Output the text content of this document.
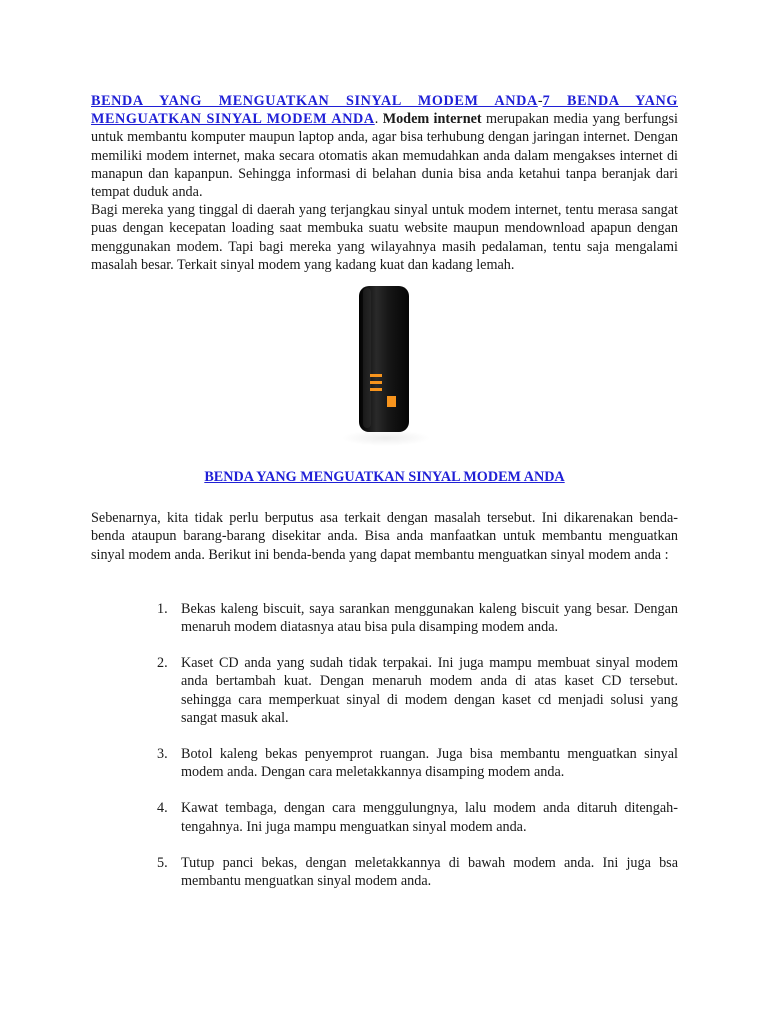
BENDA YANG MENGUATKAN SINYAL MODEM ANDA-7 BENDA YANG MENGUATKAN SINYAL MODEM ANDA. Modem internet merupakan media yang berfungsi untuk membantu komputer maupun laptop anda, agar bisa terhubung dengan jaringan internet. Dengan memiliki modem internet, maka secara otomatis akan memudahkan anda dalam mengakses internet di manapun dan kapanpun. Sehingga informasi di belahan dunia bisa anda ketahui tanpa beranjak dari tempat duduk anda.

Bagi mereka yang tinggal di daerah yang terjangkau sinyal untuk modem internet, tentu merasa sangat puas dengan kecepatan loading saat membuka suatu website maupun mendownload apapun dengan menggunakan modem. Tapi bagi mereka yang wilayahnya masih pedalaman, tentu saja mengalami masalah besar. Terkait sinyal modem yang kadang kuat dan kadang lemah.

BENDA YANG MENGUATKAN SINYAL MODEM ANDA

Sebenarnya, kita tidak perlu berputus asa terkait dengan masalah tersebut. Ini dikarenakan benda-benda ataupun barang-barang disekitar anda. Bisa anda manfaatkan untuk membantu menguatkan sinyal modem anda. Berikut ini benda-benda yang dapat membantu menguatkan sinyal modem anda :

1. Bekas kaleng biscuit, saya sarankan menggunakan kaleng biscuit yang besar. Dengan menaruh modem diatasnya atau bisa pula disamping modem anda.
2. Kaset CD anda yang sudah tidak terpakai. Ini juga mampu membuat sinyal modem anda bertambah kuat. Dengan menaruh modem anda di atas kaset CD tersebut. sehingga cara memperkuat sinyal di modem dengan kaset cd menjadi solusi yang sangat masuk akal.
3. Botol kaleng bekas penyemprot ruangan. Juga bisa membantu menguatkan sinyal modem anda. Dengan cara meletakkannya disamping modem anda.
4. Kawat tembaga, dengan cara menggulungnya, lalu modem anda ditaruh ditengah-tengahnya. Ini juga mampu menguatkan sinyal modem anda.
5. Tutup panci bekas, dengan meletakkannya di bawah modem anda. Ini juga bsa membantu menguatkan sinyal modem anda.
